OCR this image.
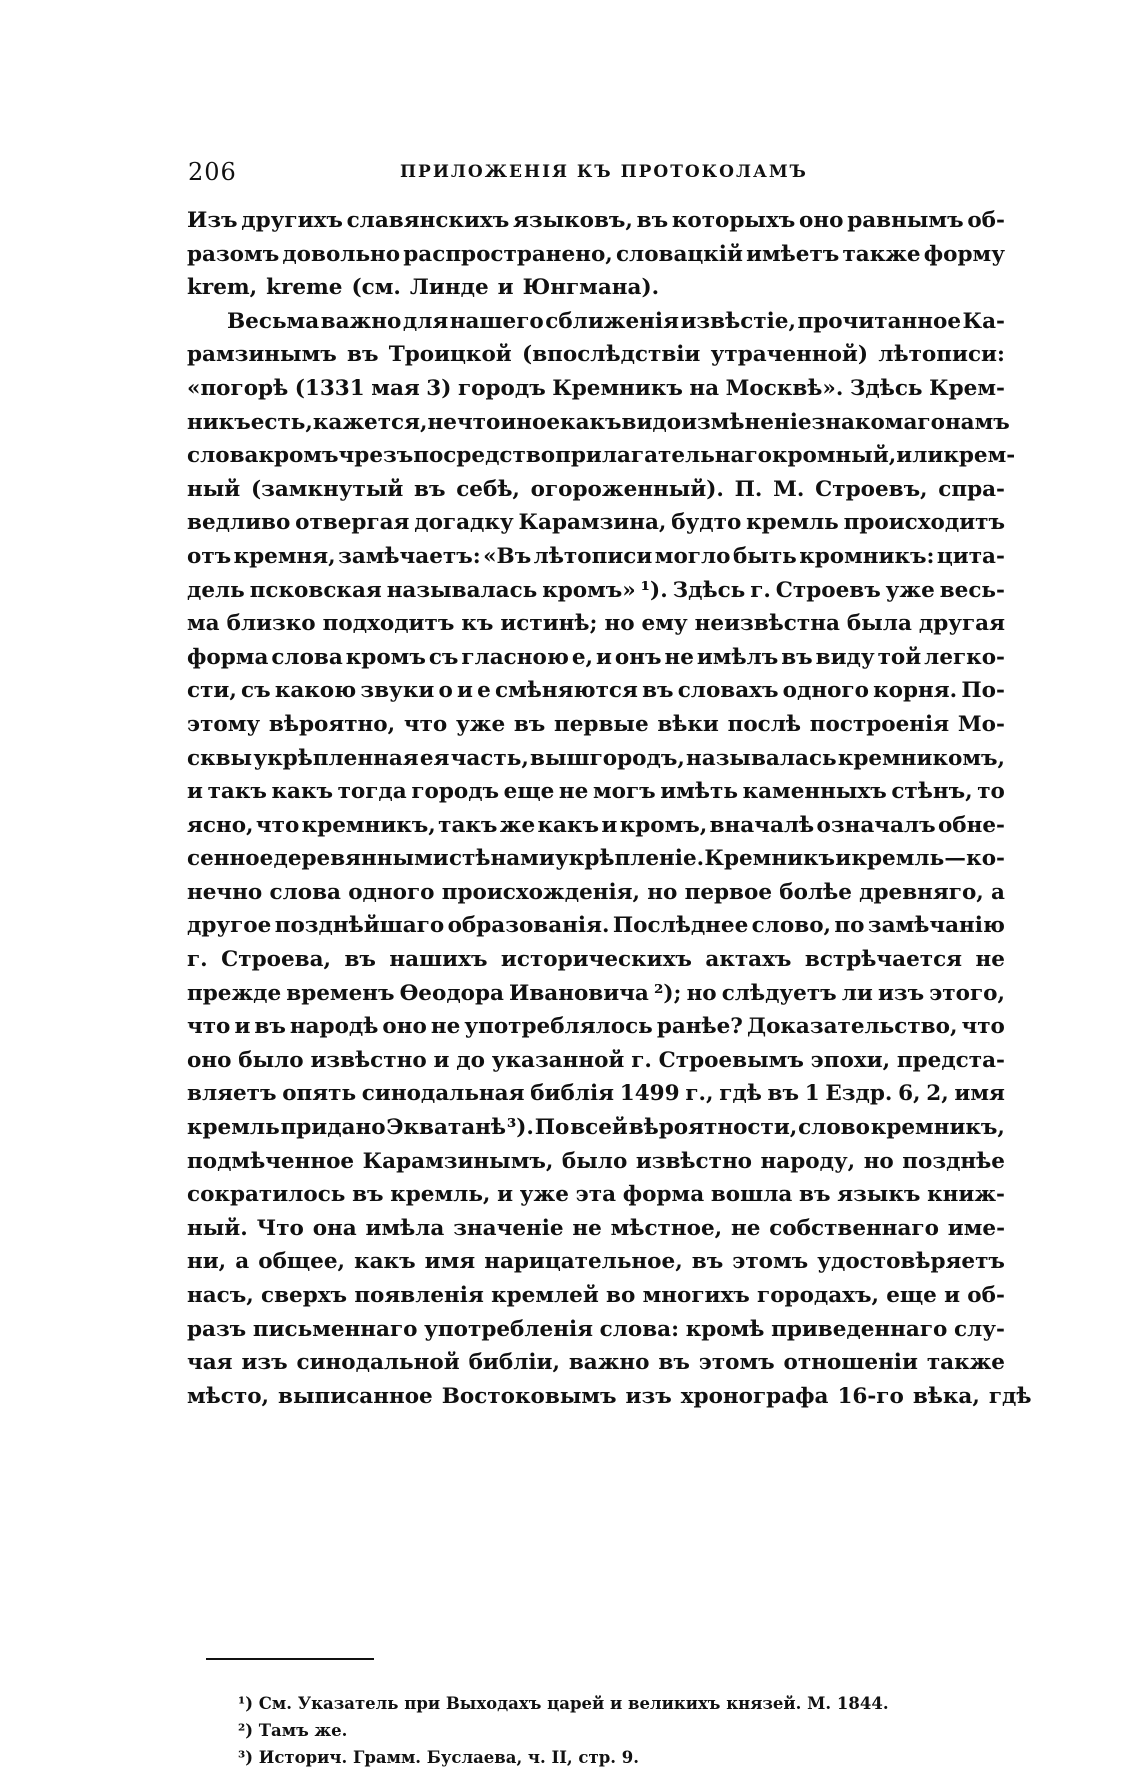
206	ПРИЛОЖЕНІЯ КЪ ПРОТОКОЛАМЪ
Изъ другихъ славянскихъ языковъ, въ которыхъ оно равнымъ об-
разомъ довольно распространено, словацкій имѣетъ также форму
krem, kreme (см. Линде и Юнгмана).
Весьма важно для нашего сближенія извѣстіе, прочитанное Ка-
рамзинымъ въ Троицкой (впослѣдствіи утраченной) лѣтописи:
«погорѣ (1331 мая 3) городъ Кремникъ на Москвѣ». Здѣсь Крем-
никъ есть, кажется, не что иное какъ видоизмѣненіе знакомаго намъ
слова кромъ чрезъ посредство прилагательнаго кромный, или крем-
ный (замкнутый въ себѣ, огороженный). П. М. Строевъ, спра-
ведливо отвергая догадку Карамзина, будто кремль происходитъ
отъ кремня, замѣчаетъ: «Въ лѣтописи могло быть кромникъ: цита-
дель псковская называлась кромъ» ¹). Здѣсь г. Строевъ уже весь-
ма близко подходитъ къ истинѣ; но ему неизвѣстна была другая
форма слова кромъ съ гласною е, и онъ не имѣлъ въ виду той легко-
сти, съ какою звуки о и е смѣняются въ словахъ одного корня. По-
этому вѣроятно, что уже въ первые вѣки послѣ построенія Мо-
сквы укрѣпленная ея часть, вышгородъ, называлась кремникомъ,
и такъ какъ тогда городъ еще не могъ имѣть каменныхъ стѣнъ, то
ясно, что кремникъ, такъ же какъ и кромъ, вначалѣ означалъ обне-
сенное деревянными стѣнами укрѣпленіе. Кремникъ и кремль — ко-
нечно слова одного происхожденія, но первое болѣе древняго, а
другое позднѣйшаго образованія. Послѣднее слово, по замѣчанію
г. Строева, въ нашихъ историческихъ актахъ встрѣчается не
прежде временъ Ѳеодора Ивановича ²); но слѣдуетъ ли изъ этого,
что и въ народѣ оно не употреблялось ранѣе? Доказательство, что
оно было извѣстно и до указанной г. Строевымъ эпохи, предста-
вляетъ опять синодальная библія 1499 г., гдѣ въ 1 Ездр. 6, 2, имя
кремль придано Экватанѣ ³). По всей вѣроятности, слово кремникъ,
подмѣченное Карамзинымъ, было извѣстно народу, но позднѣе
сократилось въ кремль, и уже эта форма вошла въ языкъ книж-
ный. Что она имѣла значеніе не мѣстное, не собственнаго имe-
ни, а общее, какъ имя нарицательное, въ этомъ удостовѣряетъ
насъ, сверхъ появленія кремлей во многихъ городахъ, еще и об-
разъ письменнаго употребленія слова: кромѣ приведеннаго слу-
чая изъ синодальной библіи, важно въ этомъ отношеніи также
мѣсто, выписанное Востоковымъ изъ хронографа 16-го вѣка, гдѣ
¹) См. Указатель при Выходахъ царей и великихъ князей. М. 1844.
²) Тамъ же.
³) Историч. Грамм. Буслаева, ч. II, стр. 9.
